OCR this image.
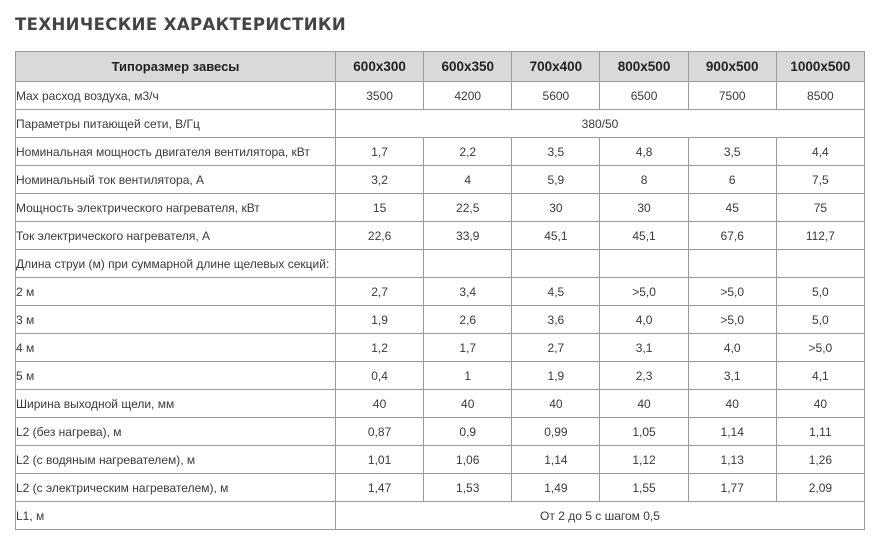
ТЕХНИЧЕСКИЕ ХАРАКТЕРИСТИКИ
Типоразмер завесы	600x300	600x350	700x400	800x500	900x500	1000x500
Max расход воздуха, м3/ч	3500	4200	5600	6500	7500	8500
Параметры питающей сети, В/Гц	380/50					
Номинальная мощность двигателя вентилятора, кВт	1,7	2,2	3,5	4,8	3,5	4,4
Номинальный ток вентилятора, А	3,2	4	5,9	8	6	7,5
Мощность электрического нагревателя, кВт	15	22,5	30	30	45	75
Ток электрического нагревателя, А	22,6	33,9	45,1	45,1	67,6	112,7
Длина струи (м) при суммарной длине щелевых секций:						
2 м	2,7	3,4	4,5	>5,0	>5,0	5,0
3 м	1,9	2,6	3,6	4,0	>5,0	5,0
4 м	1,2	1,7	2,7	3,1	4,0	>5,0
5 м	0,4	1	1,9	2,3	3,1	4,1
Ширина выходной щели, мм	40	40	40	40	40	40
L2 (без нагрева), м	0,87	0,9	0,99	1,05	1,14	1,11
L2 (с водяным нагревателем), м	1,01	1,06	1,14	1,12	1,13	1,26
L2 (с электрическим нагревателем), м	1,47	1,53	1,49	1,55	1,77	2,09
L1, м	От 2 до 5 с шагом 0,5					
